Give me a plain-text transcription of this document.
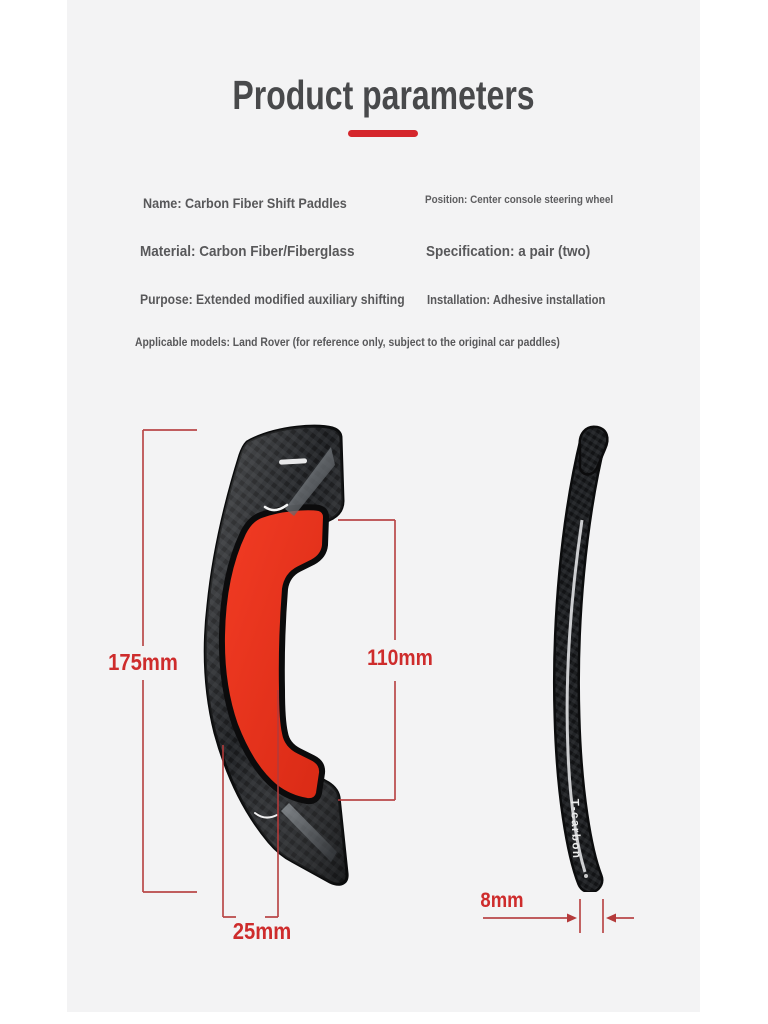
Product parameters
Name: Carbon Fiber Shift Paddles	Position: Center console steering wheel
Material: Carbon Fiber/Fiberglass	Specification: a pair (two)
Purpose: Extended modified auxiliary shifting Installation: Adhesive installation
Applicable models: Land Rover (for reference only, subject to the original car paddles)
T-carbon
175mm	110mm
25mm
8mm
